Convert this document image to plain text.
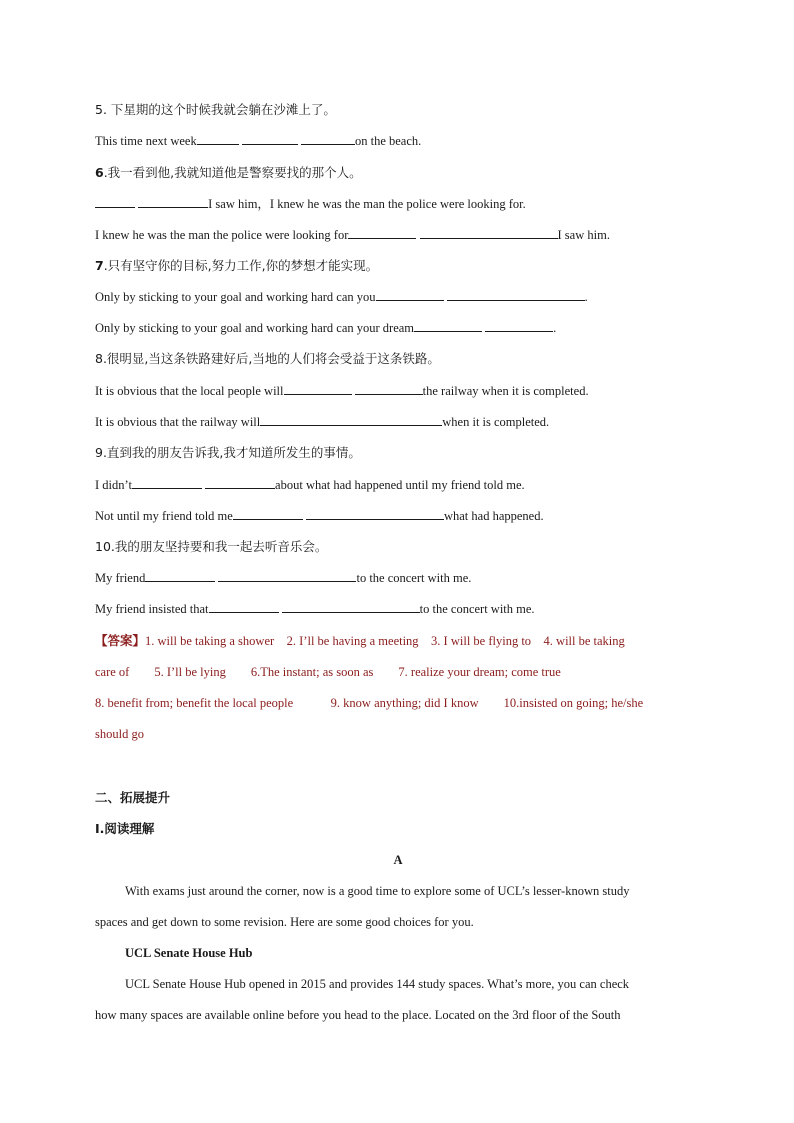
5. 下星期的这个时候我就会躺在沙滩上了。
This time next week	on the beach.
6.我一看到他,我就知道他是警察要找的那个人。
I saw him，I knew he was the man the police were looking for.
I knew he was the man the police were looking for	I saw him.
7.只有坚守你的目标,努力工作,你的梦想才能实现。
Only by sticking to your goal and working hard can you	.
Only by sticking to your goal and working hard can your dream	.
8.很明显,当这条铁路建好后,当地的人们将会受益于这条铁路。
It is obvious that the local people will	the railway when it is completed.
It is obvious that the railway will	when it is completed.
9.直到我的朋友告诉我,我才知道所发生的事情。
I didn’t	about what had happened until my friend told me.
Not until my friend told me	what had happened.
10.我的朋友坚持要和我一起去听音乐会。
My friend	to the concert with me.
My friend insisted that	to the concert with me.
【答案】1. will be taking a shower　2. I’ll be having a meeting　3. I will be flying to　4. will be taking
care of　　5. I’ll be lying　　6.The instant; as soon as　　7. realize your dream; come true
8. benefit from; benefit the local people　　　9. know anything; did I know　　10.insisted on going; he/she
should go
二、拓展提升
I.阅读理解
A
With exams just around the corner, now is a good time to explore some of UCL’s lesser-known study
spaces and get down to some revision. Here are some good choices for you.
UCL Senate House Hub
UCL Senate House Hub opened in 2015 and provides 144 study spaces. What’s more, you can check
how many spaces are available online before you head to the place. Located on the 3rd floor of the South
